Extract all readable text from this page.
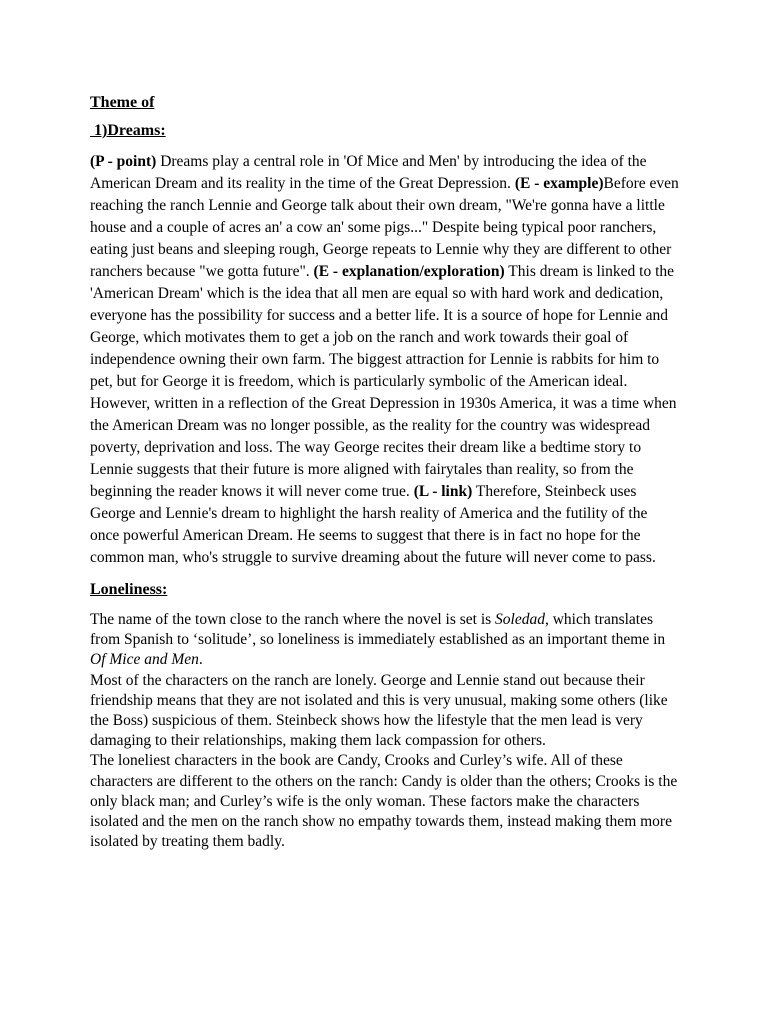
Theme of
1)Dreams:

(P - point) Dreams play a central role in 'Of Mice and Men' by introducing the idea of the American Dream and its reality in the time of the Great Depression. (E - example)Before even reaching the ranch Lennie and George talk about their own dream, "We're gonna have a little house and a couple of acres an' a cow an' some pigs..." Despite being typical poor ranchers, eating just beans and sleeping rough, George repeats to Lennie why they are different to other ranchers because "we gotta future". (E - explanation/exploration) This dream is linked to the 'American Dream' which is the idea that all men are equal so with hard work and dedication, everyone has the possibility for success and a better life. It is a source of hope for Lennie and George, which motivates them to get a job on the ranch and work towards their goal of independence owning their own farm. The biggest attraction for Lennie is rabbits for him to pet, but for George it is freedom, which is particularly symbolic of the American ideal. However, written in a reflection of the Great Depression in 1930s America, it was a time when the American Dream was no longer possible, as the reality for the country was widespread poverty, deprivation and loss. The way George recites their dream like a bedtime story to Lennie suggests that their future is more aligned with fairytales than reality, so from the beginning the reader knows it will never come true. (L - link) Therefore, Steinbeck uses George and Lennie's dream to highlight the harsh reality of America and the futility of the once powerful American Dream. He seems to suggest that there is in fact no hope for the common man, who's struggle to survive dreaming about the future will never come to pass.

Loneliness:

The name of the town close to the ranch where the novel is set is Soledad, which translates from Spanish to ‘solitude’, so loneliness is immediately established as an important theme in Of Mice and Men.

Most of the characters on the ranch are lonely. George and Lennie stand out because their friendship means that they are not isolated and this is very unusual, making some others (like the Boss) suspicious of them. Steinbeck shows how the lifestyle that the men lead is very damaging to their relationships, making them lack compassion for others.

The loneliest characters in the book are Candy, Crooks and Curley’s wife. All of these characters are different to the others on the ranch: Candy is older than the others; Crooks is the only black man; and Curley’s wife is the only woman. These factors make the characters isolated and the men on the ranch show no empathy towards them, instead making them more isolated by treating them badly.
